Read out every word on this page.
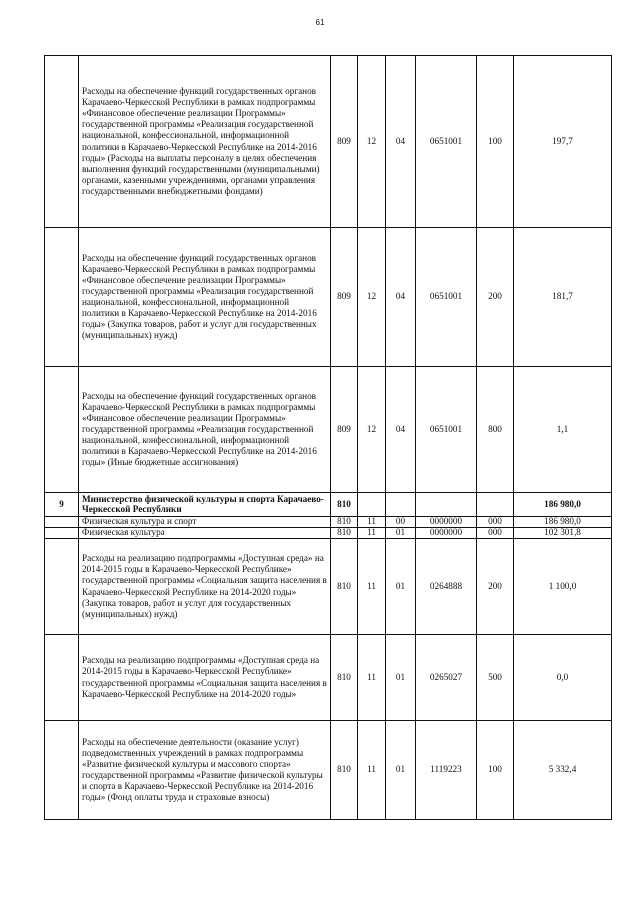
61
	Расходы на обеспечение функций государственных органов Карачаево-Черкесской Республики в рамках подпрограммы «Финансовое обеспечение реализации Программы» государственной программы «Реализация государственной национальной, конфессиональной, информационной политики в Карачаево-Черкесской Республике на 2014-2016 годы» (Расходы на выплаты персоналу в целях обеспечения выполнения функций государственными (муниципальными) органами, казенными учреждениями, органами управления государственными внебюджетными фондами)	809	12	04	0651001	100	197,7
	Расходы на обеспечение функций государственных органов Карачаево-Черкесской Республики в рамках подпрограммы «Финансовое обеспечение реализации Программы» государственной программы «Реализация государственной национальной, конфессиональной, информационной политики в Карачаево-Черкесской Республике на 2014-2016 годы» (Закупка товаров, работ и услуг для государственных (муниципальных) нужд)	809	12	04	0651001	200	181,7
	Расходы на обеспечение функций государственных органов Карачаево-Черкесской Республики в рамках подпрограммы «Финансовое обеспечение реализации Программы» государственной программы «Реализация государственной национальной, конфессиональной, информационной политики в Карачаево-Черкесской Республике на 2014-2016 годы» (Иные бюджетные ассигнования)	809	12	04	0651001	800	1,1
9	Министерство физической культуры и спорта Карачаево-Черкесской Республики	810					186 980,0
	Физическая культура и спорт	810	11	00	0000000	000	186 980,0
	Физическая культура	810	11	01	0000000	000	102 301,8
	Расходы на реализацию подпрограммы «Доступная среда» на 2014-2015 годы в Карачаево-Черкесской Республике» государственной программы «Социальная защита населения в Карачаево-Черкесской Республике на 2014-2020 годы» (Закупка товаров, работ и услуг для государственных (муниципальных) нужд)	810	11	01	0264888	200	1 100,0
	Расходы на реализацию подпрограммы «Доступная среда на 2014-2015 годы в Карачаево-Черкесской Республике» государственной программы «Социальная защита населения в Карачаево-Черкесской Республике на 2014-2020 годы»	810	11	01	0265027	500	0,0
	Расходы на обеспечение деятельности (оказание услуг) подведомственных учреждений в рамках подпрограммы «Развитие физической культуры и массового спорта» государственной программы «Развитие физической культуры и спорта в Карачаево-Черкесской Республике на 2014-2016 годы» (Фонд оплаты труда и страховые взносы)	810	11	01	1119223	100	5 332,4
